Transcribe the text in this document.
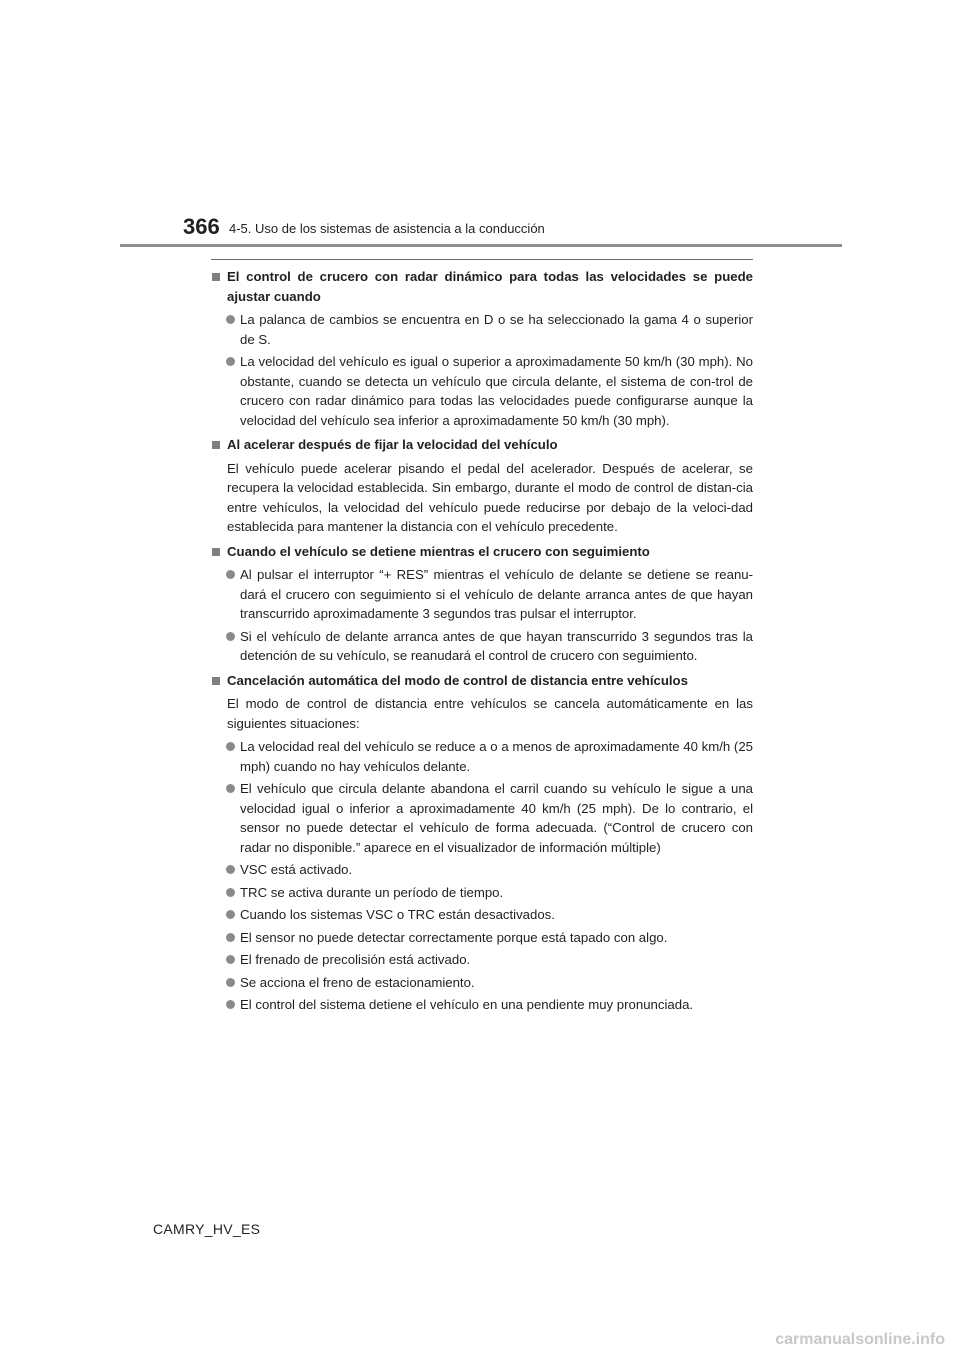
366 4-5. Uso de los sistemas de asistencia a la conducción
El control de crucero con radar dinámico para todas las velocidades se puede ajustar cuando
La palanca de cambios se encuentra en D o se ha seleccionado la gama 4 o superior de S.
La velocidad del vehículo es igual o superior a aproximadamente 50 km/h (30 mph). No obstante, cuando se detecta un vehículo que circula delante, el sistema de con-trol de crucero con radar dinámico para todas las velocidades puede configurarse aunque la velocidad del vehículo sea inferior a aproximadamente 50 km/h (30 mph).
Al acelerar después de fijar la velocidad del vehículo
El vehículo puede acelerar pisando el pedal del acelerador. Después de acelerar, se recupera la velocidad establecida. Sin embargo, durante el modo de control de distan-cia entre vehículos, la velocidad del vehículo puede reducirse por debajo de la veloci-dad establecida para mantener la distancia con el vehículo precedente.
Cuando el vehículo se detiene mientras el crucero con seguimiento
Al pulsar el interruptor “+ RES” mientras el vehículo de delante se detiene se reanu-dará el crucero con seguimiento si el vehículo de delante arranca antes de que hayan transcurrido aproximadamente 3 segundos tras pulsar el interruptor.
Si el vehículo de delante arranca antes de que hayan transcurrido 3 segundos tras la detención de su vehículo, se reanudará el control de crucero con seguimiento.
Cancelación automática del modo de control de distancia entre vehículos
El modo de control de distancia entre vehículos se cancela automáticamente en las siguientes situaciones:
La velocidad real del vehículo se reduce a o a menos de aproximadamente 40 km/h (25 mph) cuando no hay vehículos delante.
El vehículo que circula delante abandona el carril cuando su vehículo le sigue a una velocidad igual o inferior a aproximadamente 40 km/h (25 mph). De lo contrario, el sensor no puede detectar el vehículo de forma adecuada. (“Control de crucero con radar no disponible.” aparece en el visualizador de información múltiple)
VSC está activado.
TRC se activa durante un período de tiempo.
Cuando los sistemas VSC o TRC están desactivados.
El sensor no puede detectar correctamente porque está tapado con algo.
El frenado de precolisión está activado.
Se acciona el freno de estacionamiento.
El control del sistema detiene el vehículo en una pendiente muy pronunciada.
CAMRY_HV_ES
carmanualsonline.info
